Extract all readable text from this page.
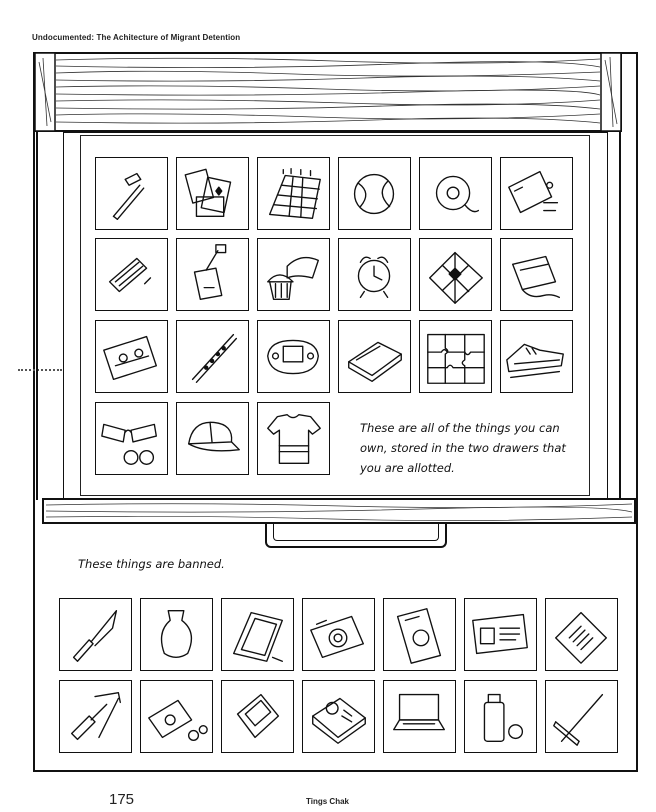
Undocumented: The Achitecture of Migrant Detention
These are all of the things you can own, stored in the two drawers that you are allotted.
These things are banned.
175	Tings Chak
